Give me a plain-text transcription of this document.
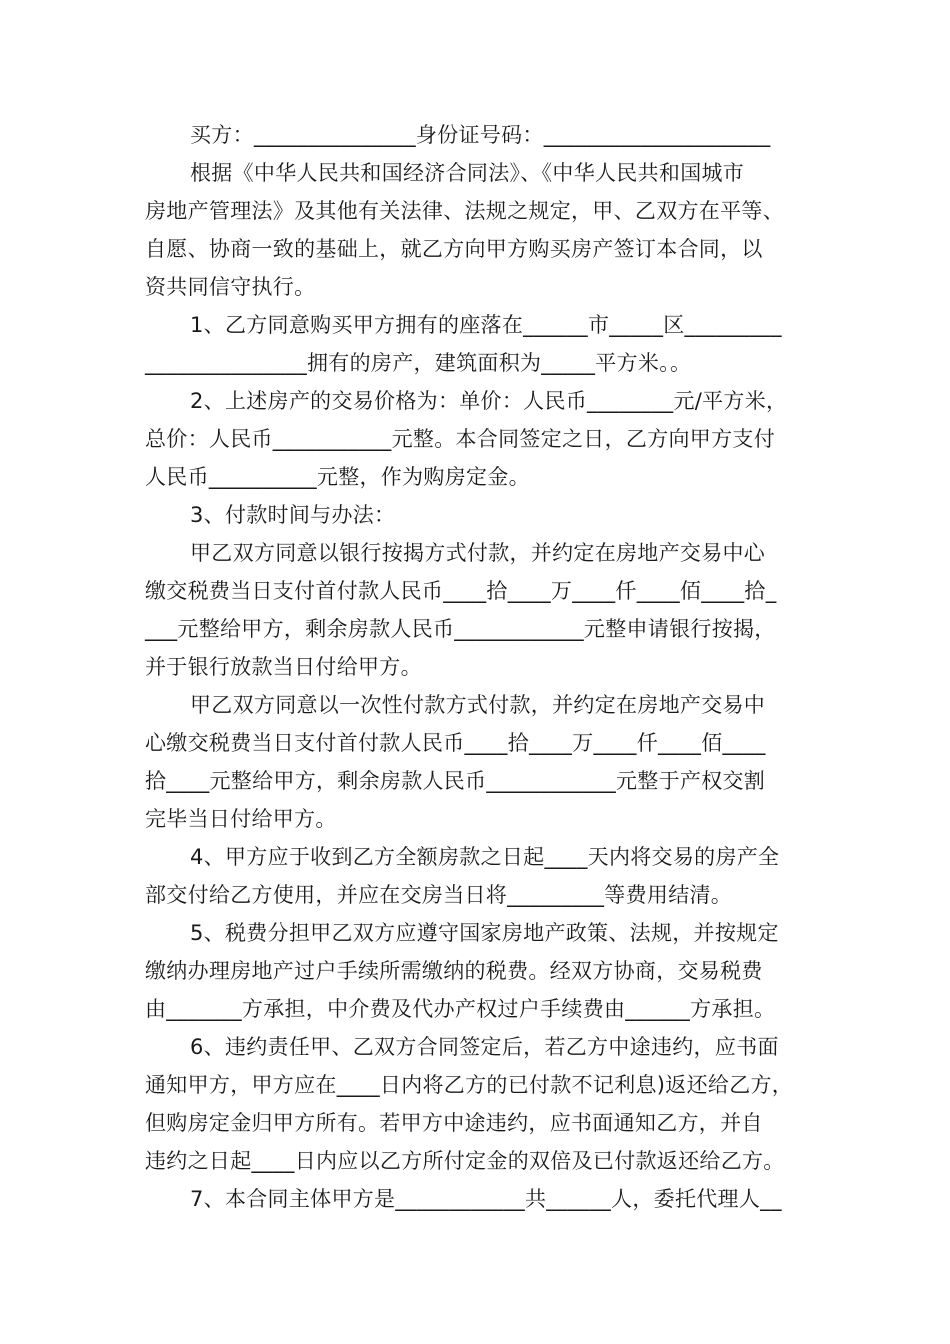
买方：_______________身份证号码：_____________________
根据《中华人民共和国经济合同法》、《中华人民共和国城市
房地产管理法》及其他有关法律、法规之规定，甲、乙双方在平等、
自愿、协商一致的基础上，就乙方向甲方购买房产签订本合同，以
资共同信守执行。
1、乙方同意购买甲方拥有的座落在______市_____区_________
_______________拥有的房产，建筑面积为_____平方米。。
2、上述房产的交易价格为：单价：人民币________元/平方米，
总价：人民币___________元整。本合同签定之日，乙方向甲方支付
人民币__________元整，作为购房定金。
3、付款时间与办法：
甲乙双方同意以银行按揭方式付款，并约定在房地产交易中心
缴交税费当日支付首付款人民币____拾____万____仟____佰____拾_
___元整给甲方，剩余房款人民币____________元整申请银行按揭，
并于银行放款当日付给甲方。
甲乙双方同意以一次性付款方式付款，并约定在房地产交易中
心缴交税费当日支付首付款人民币____拾____万____仟____佰____
拾____元整给甲方，剩余房款人民币____________元整于产权交割
完毕当日付给甲方。
4、甲方应于收到乙方全额房款之日起____天内将交易的房产全
部交付给乙方使用，并应在交房当日将_________等费用结清。
5、税费分担甲乙双方应遵守国家房地产政策、法规，并按规定
缴纳办理房地产过户手续所需缴纳的税费。经双方协商，交易税费
由_______方承担，中介费及代办产权过户手续费由______方承担。
6、违约责任甲、乙双方合同签定后，若乙方中途违约，应书面
通知甲方，甲方应在____日内将乙方的已付款不记利息)返还给乙方，
但购房定金归甲方所有。若甲方中途违约，应书面通知乙方，并自
违约之日起____日内应以乙方所付定金的双倍及已付款返还给乙方。
7、本合同主体甲方是____________共______人，委托代理人__
